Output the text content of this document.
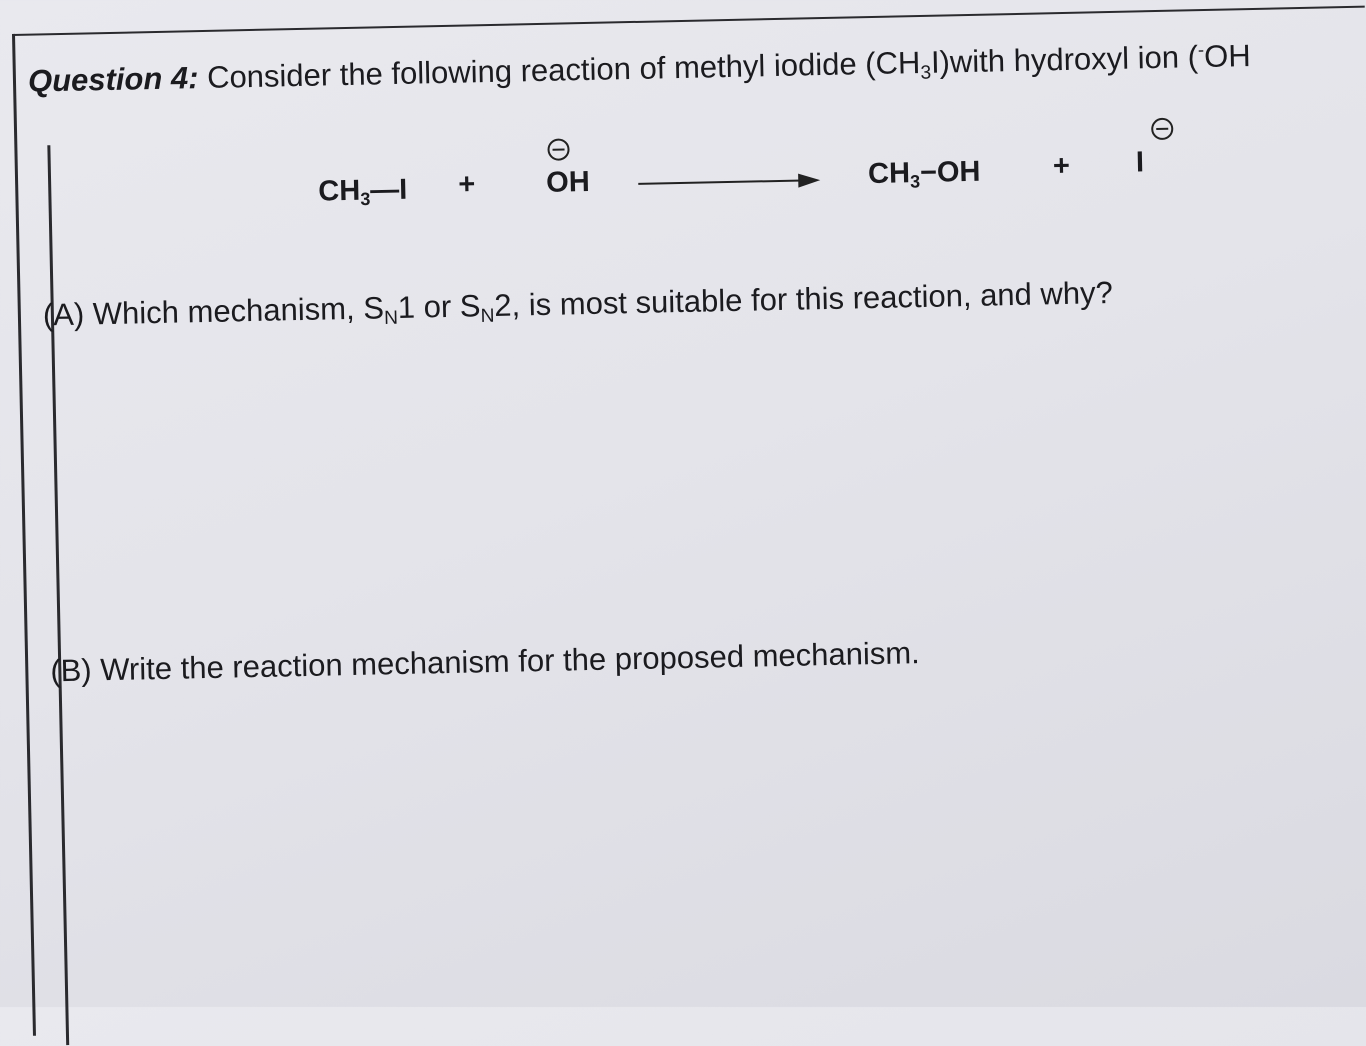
Question 4: Consider the following reaction of methyl iodide $(CH_3I)with$ hydroxyl ion (-OH
$CH_3—I$ + OH	$CH_3-OH + I$
(A) Which mechanism, $S_N1$ or $S_N2$, is most suitable for this reaction, and why?
(B) Write the reaction mechanism for the proposed mechanism.
